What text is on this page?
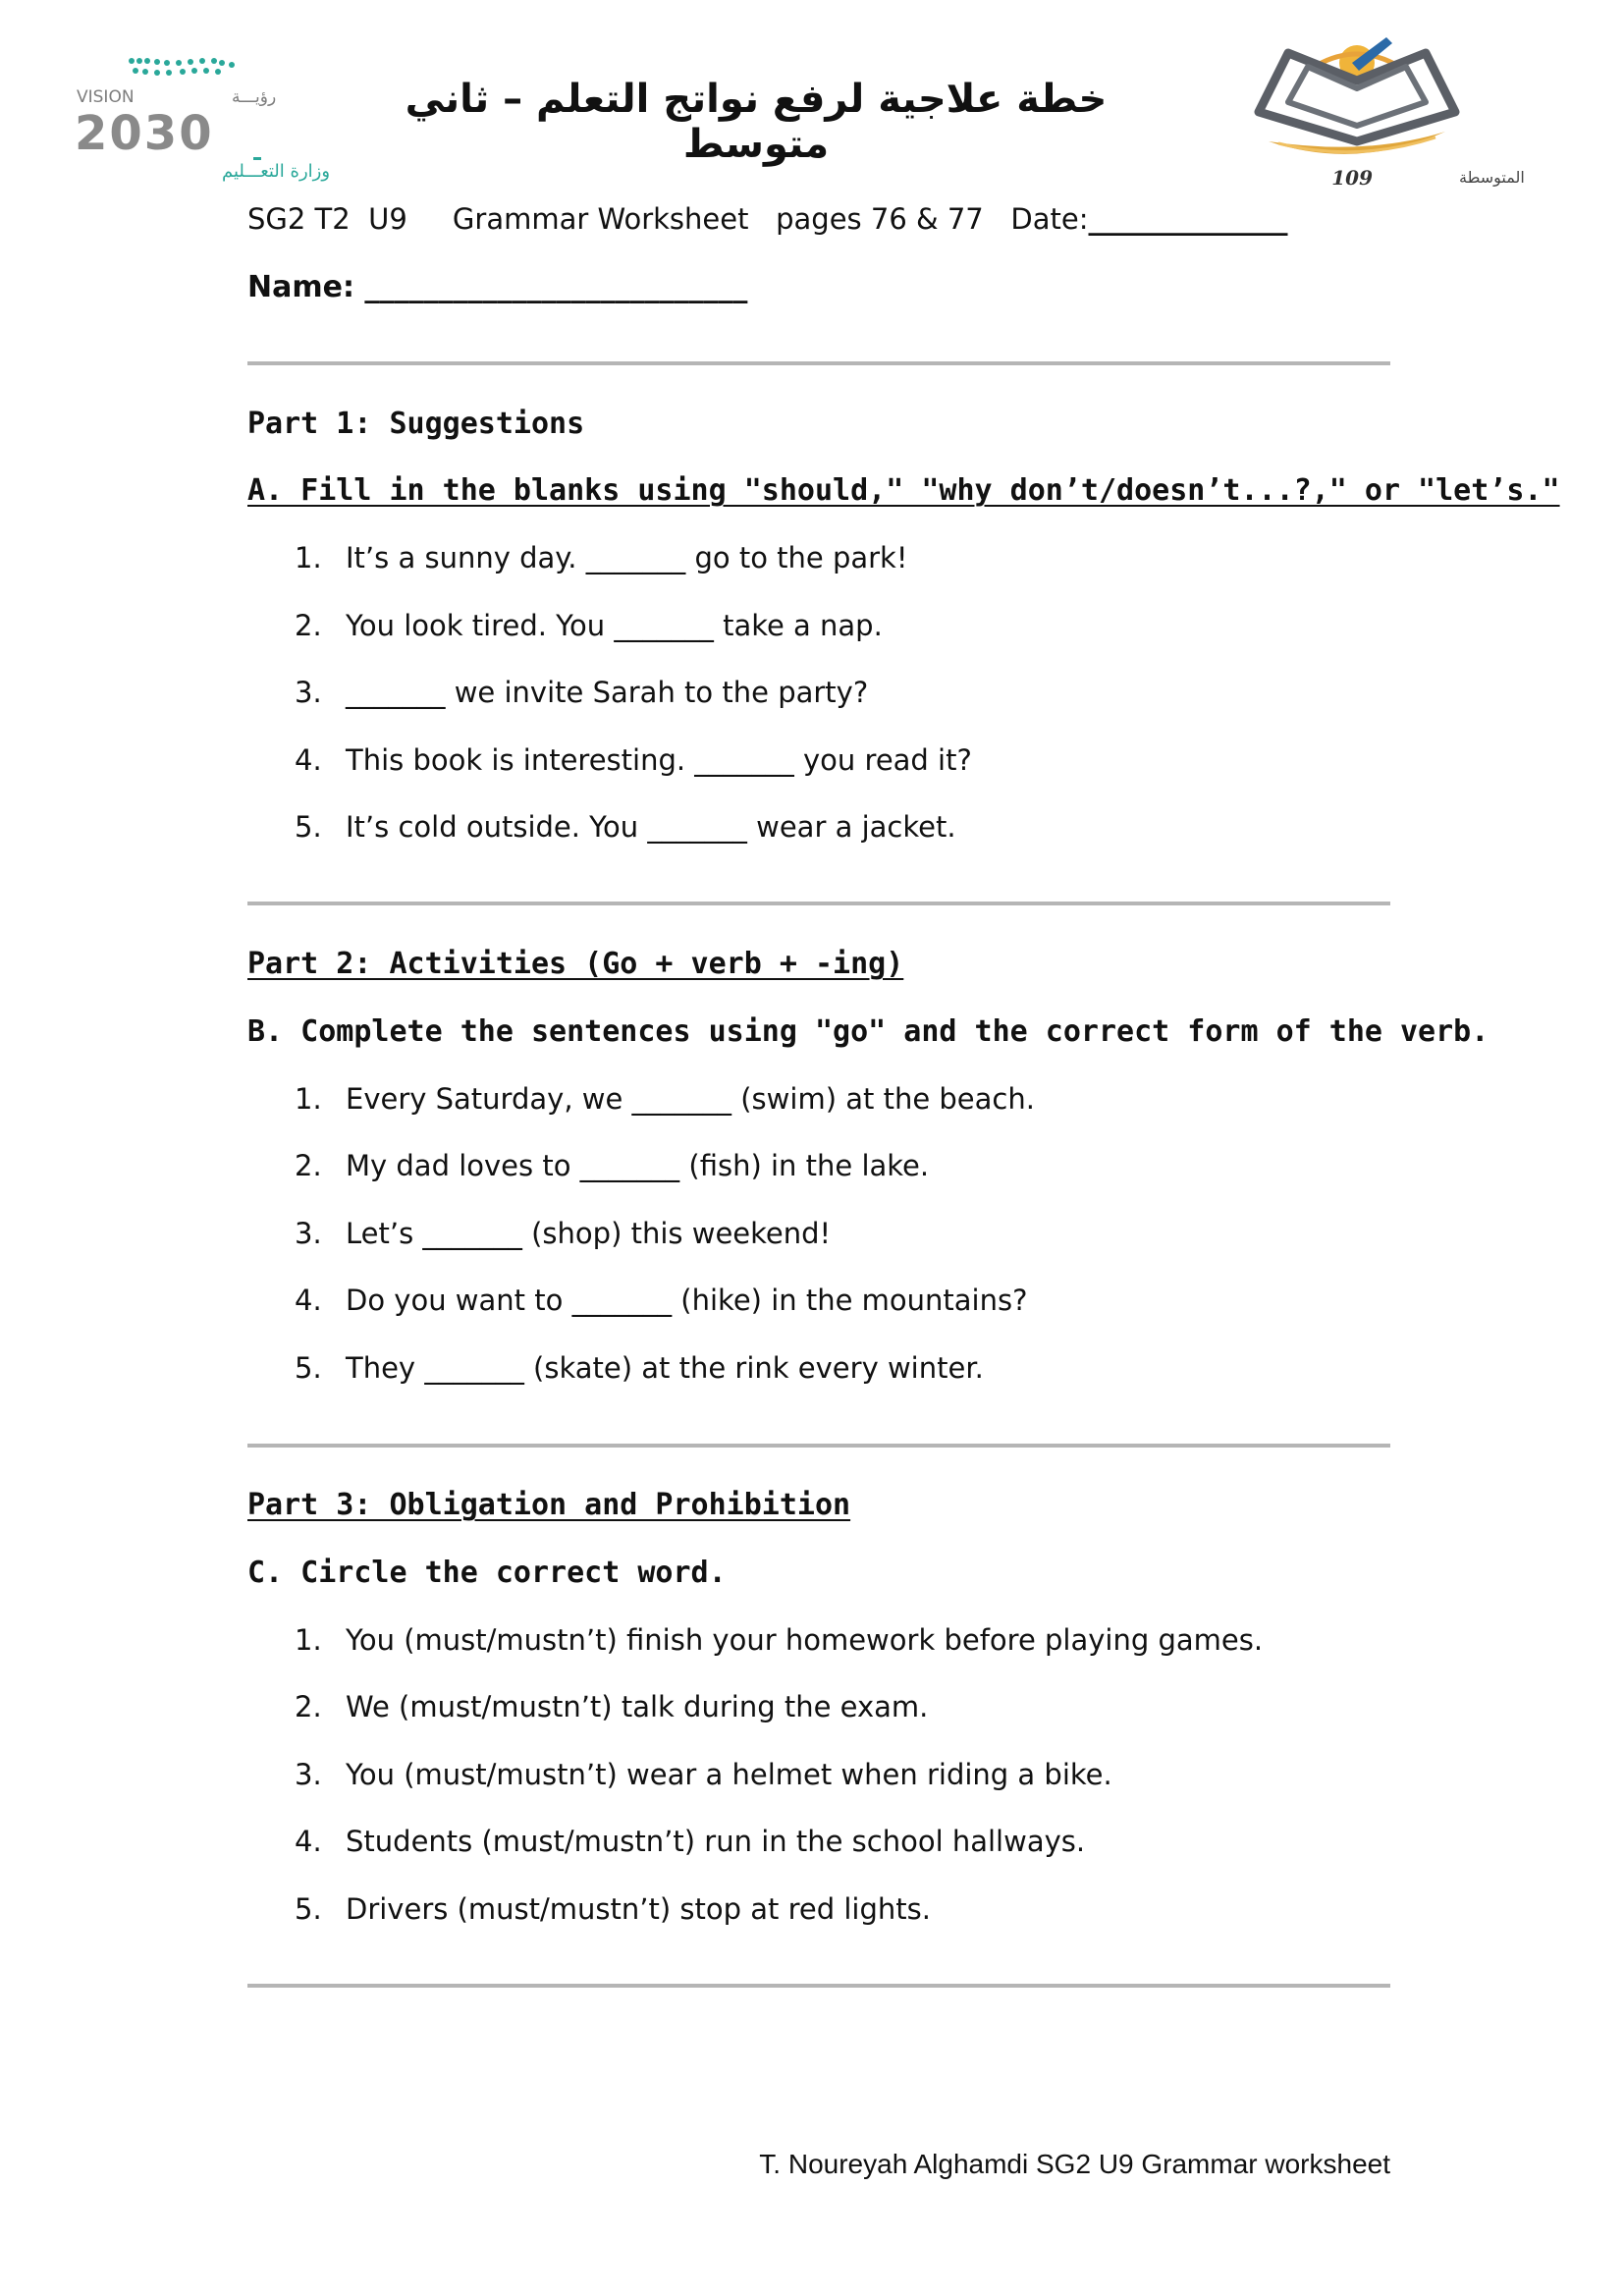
VISION	رؤيـــة
2030
وزارة التعـــليم
خطة علاجية لرفع نواتج التعلم – ثاني متوسط
المتوسطة
109
SG2 T2  U9     Grammar Worksheet   pages 76 & 77   Date:______________
Name: __________________________
Part 1: Suggestions
A. Fill in the blanks using "should," "why don’t/doesn’t...?," or "let’s."
1. It’s a sunny day. _______ go to the park!
2. You look tired. You _______ take a nap.
3. _______ we invite Sarah to the party?
4. This book is interesting. _______ you read it?
5. It’s cold outside. You _______ wear a jacket.
Part 2: Activities (Go + verb + -ing)
B. Complete the sentences using "go" and the correct form of the verb.
1. Every Saturday, we _______ (swim) at the beach.
2. My dad loves to _______ (fish) in the lake.
3. Let’s _______ (shop) this weekend!
4. Do you want to _______ (hike) in the mountains?
5. They _______ (skate) at the rink every winter.
Part 3: Obligation and Prohibition
C. Circle the correct word.
1. You (must/mustn’t) finish your homework before playing games.
2. We (must/mustn’t) talk during the exam.
3. You (must/mustn’t) wear a helmet when riding a bike.
4. Students (must/mustn’t) run in the school hallways.
5. Drivers (must/mustn’t) stop at red lights.
T. Noureyah Alghamdi SG2 U9 Grammar worksheet
